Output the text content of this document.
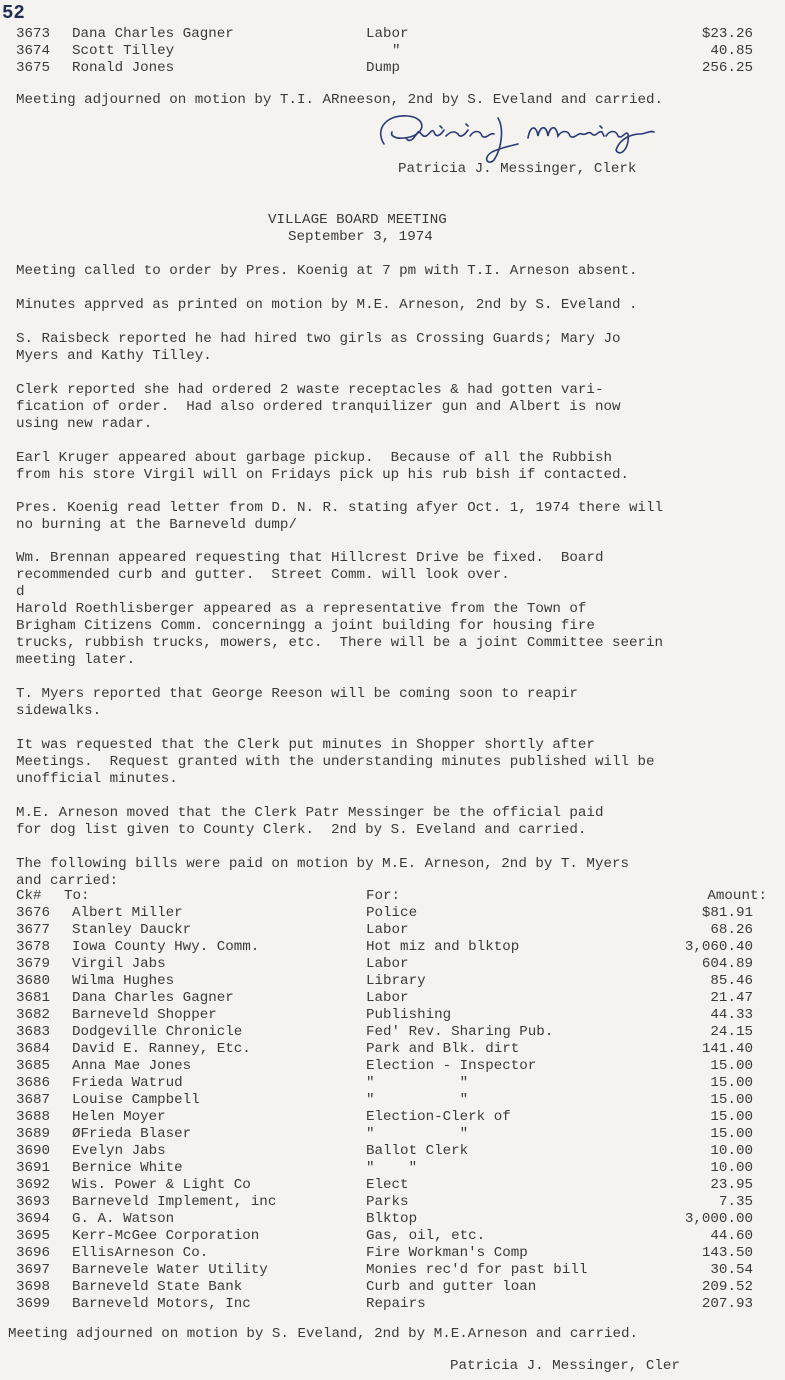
52
3673 Dana Charles Gagner	Labor	$23.26
3674 Scott Tilley	"	40.85
3675 Ronald Jones	Dump	256.25
Meeting adjourned on motion by T.I. ARneeson, 2nd by S. Eveland and carried.
Patricia J. Messinger, Clerk
VILLAGE BOARD MEETING
September 3, 1974
Meeting called to order by Pres. Koenig at 7 pm with T.I. Arneson absent.
Minutes apprved as printed on motion by M.E. Arneson, 2nd by S. Eveland .
S. Raisbeck reported he had hired two girls as Crossing Guards; Mary Jo
Myers and Kathy Tilley.
Clerk reported she had ordered 2 waste receptacles & had gotten vari-
fication of order.  Had also ordered tranquilizer gun and Albert is now
using new radar.
Earl Kruger appeared about garbage pickup.  Because of all the Rubbish
from his store Virgil will on Fridays pick up his rub bish if contacted.
Pres. Koenig read letter from D. N. R. stating afyer Oct. 1, 1974 there will
no burning at the Barneveld dump/
Wm. Brennan appeared requesting that Hillcrest Drive be fixed.  Board
recommended curb and gutter.  Street Comm. will look over.
d
Harold Roethlisberger appeared as a representative from the Town of
Brigham Citizens Comm. concerningg a joint building for housing fire
trucks, rubbish trucks, mowers, etc.  There will be a joint Committee seerin
meeting later.
T. Myers reported that George Reeson will be coming soon to reapir
sidewalks.
It was requested that the Clerk put minutes in Shopper shortly after
Meetings.  Request granted with the understanding minutes published will be
unofficial minutes.
M.E. Arneson moved that the Clerk Patr Messinger be the official paid
for dog list given to County Clerk.  2nd by S. Eveland and carried.
The following bills were paid on motion by M.E. Arneson, 2nd by T. Myers
and carried:
Ck# To:	For:	Amount:
3676 Albert Miller	Police	$81.91
3677 Stanley Dauckr	Labor	68.26
3678 Iowa County Hwy. Comm.	Hot miz and blktop	3,060.40
3679 Virgil Jabs	Labor	604.89
3680 Wilma Hughes	Library	85.46
3681 Dana Charles Gagner	Labor	21.47
3682 Barneveld Shopper	Publishing	44.33
3683 Dodgeville Chronicle	Fed' Rev. Sharing Pub.	24.15
3684 David E. Ranney, Etc.	Park and Blk. dirt	141.40
3685 Anna Mae Jones	Election - Inspector	15.00
3686 Frieda Watrud	"          "	15.00
3687 Louise Campbell	"          "	15.00
3688 Helen Moyer	Election-Clerk of	15.00
3689 ØFrieda Blaser	"          "	15.00
3690 Evelyn Jabs	Ballot Clerk	10.00
3691 Bernice White	"    "	10.00
3692 Wis. Power & Light Co	Elect	23.95
3693 Barneveld Implement, inc	Parks	7.35
3694 G. A. Watson	Blktop	3,000.00
3695 Kerr-McGee Corporation	Gas, oil, etc.	44.60
3696 EllisArneson Co.	Fire Workman's Comp	143.50
3697 Barnevele Water Utility	Monies rec'd for past bill	30.54
3698 Barneveld State Bank	Curb and gutter loan	209.52
3699 Barneveld Motors, Inc	Repairs	207.93
Meeting adjourned on motion by S. Eveland, 2nd by M.E.Arneson and carried.
Patricia J. Messinger, Cler
